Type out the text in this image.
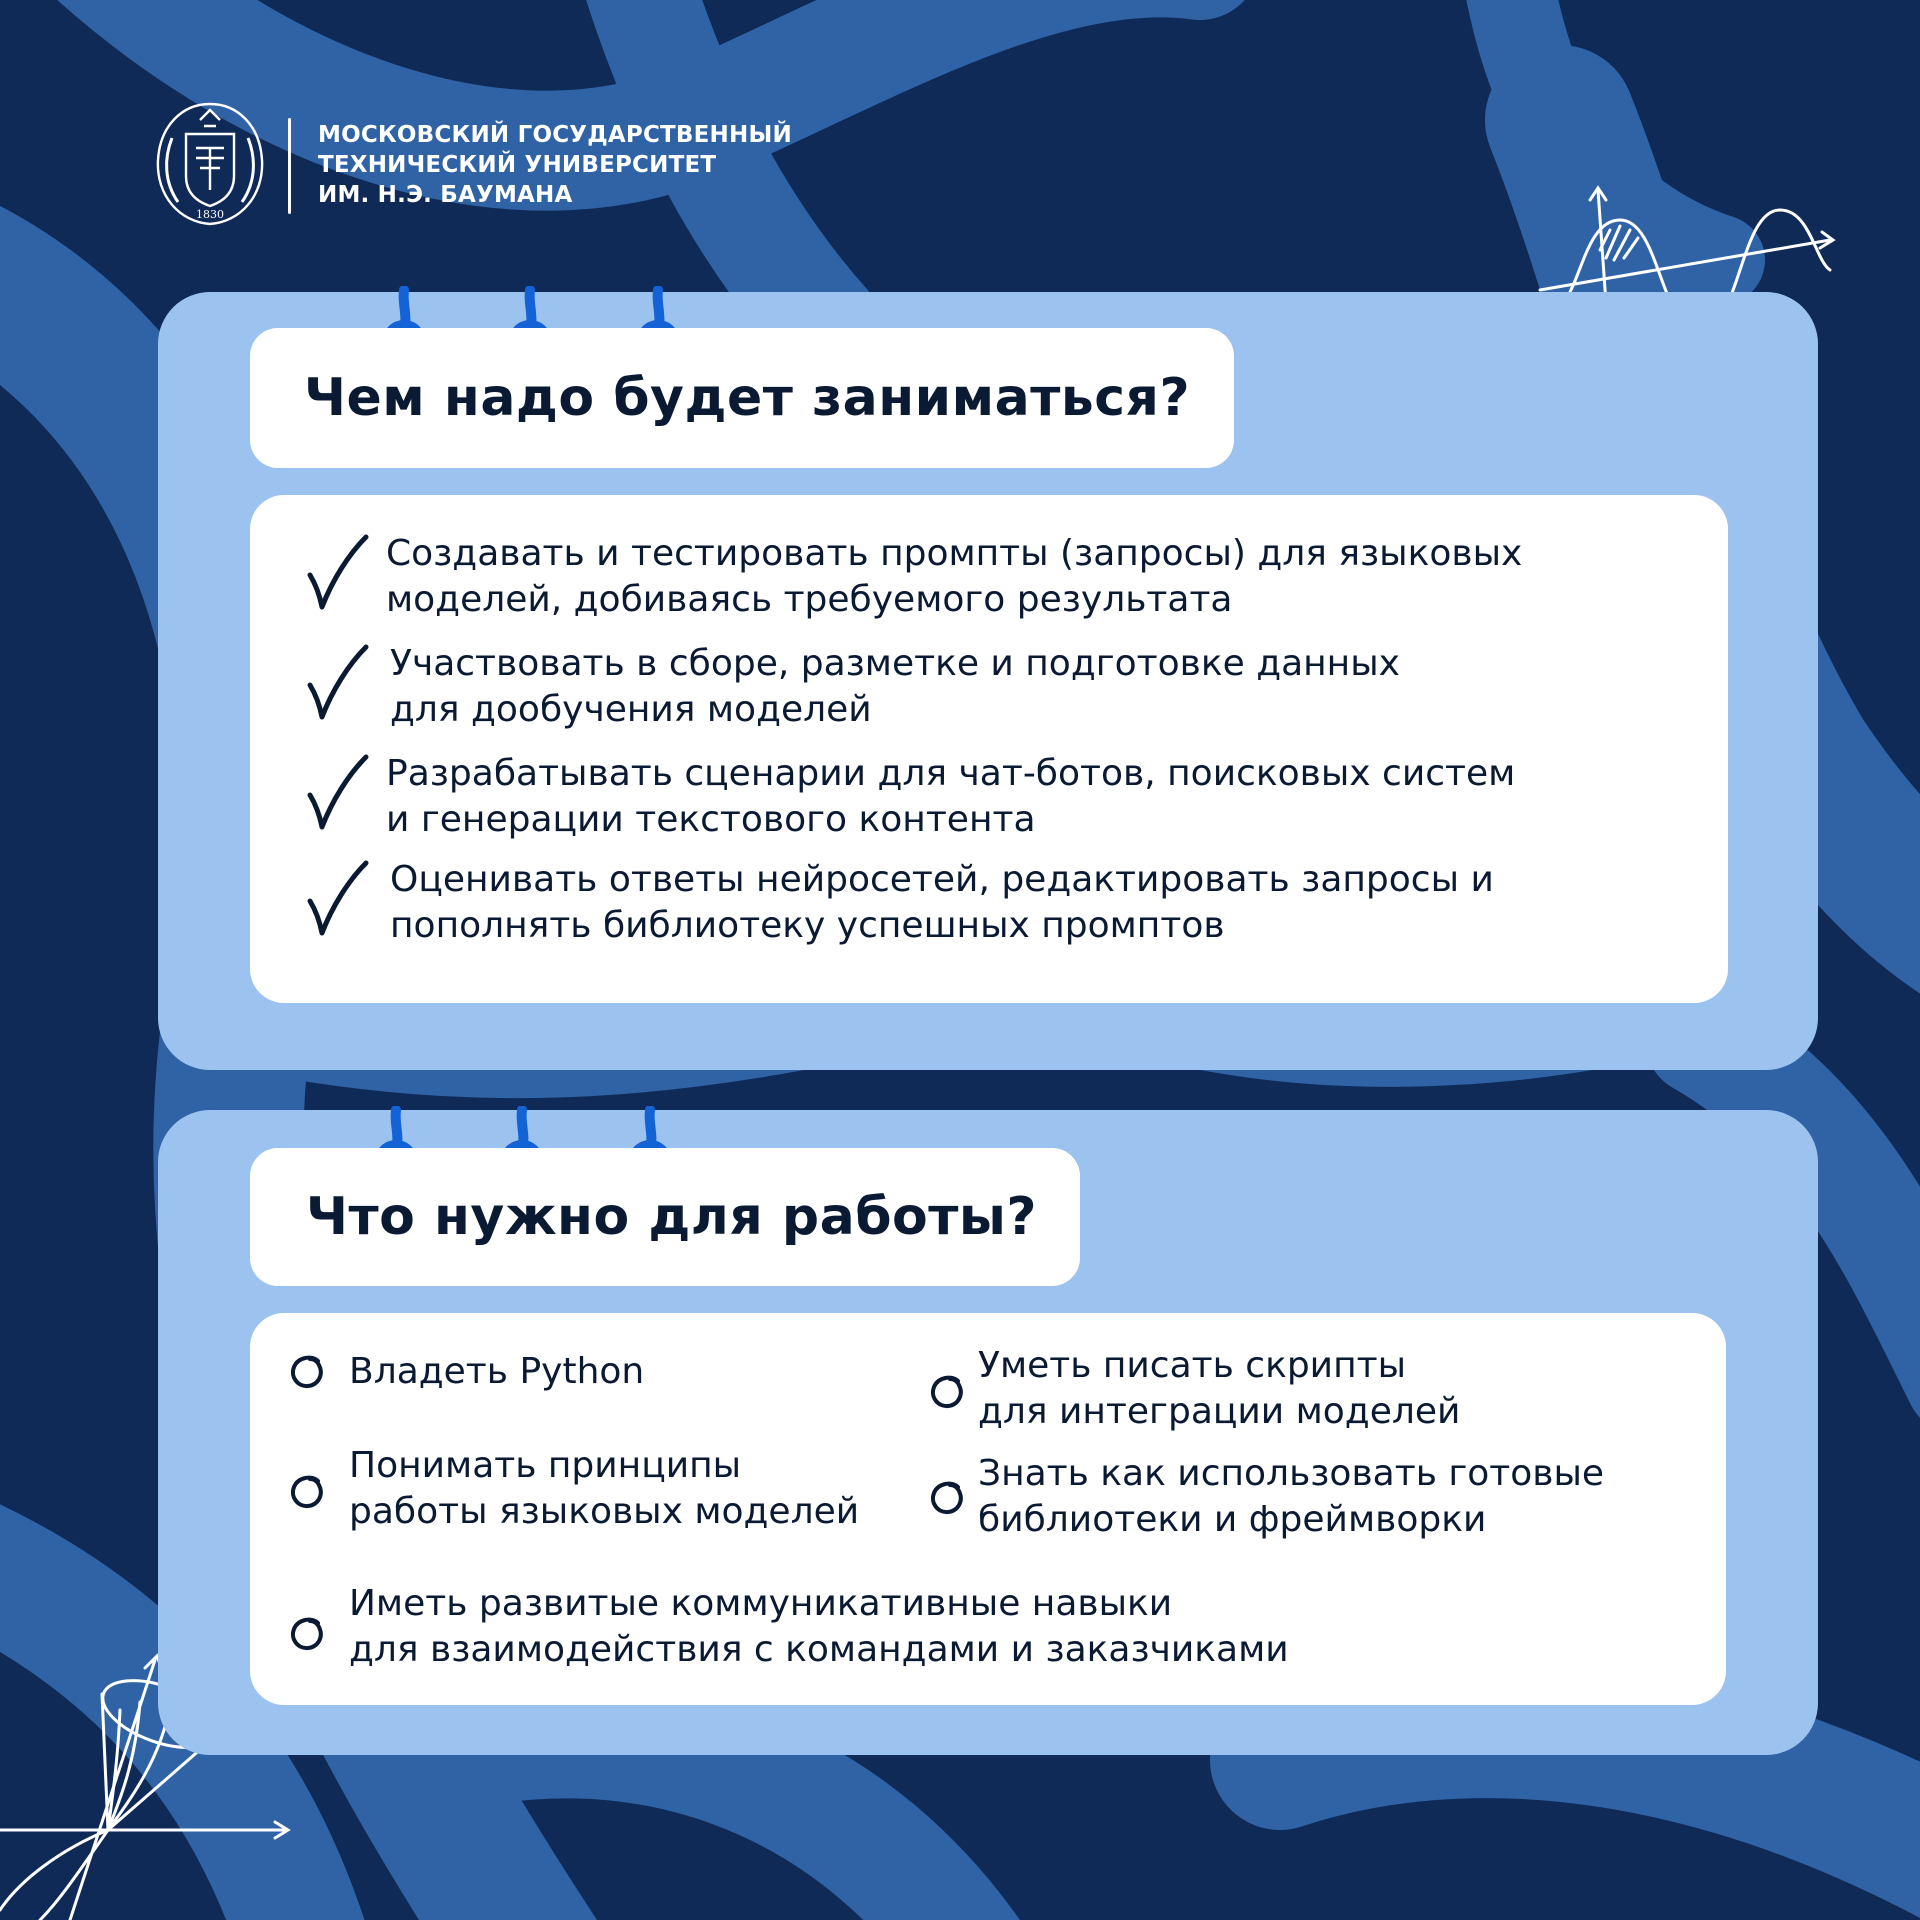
1830
МОСКОВСКИЙ ГОСУДАРСТВЕННЫЙ
ТЕХНИЧЕСКИЙ УНИВЕРСИТЕТ
ИМ. Н.Э. БАУМАНА
Чем надо будет заниматься?
Создавать и тестировать промпты (запросы) для языковых
моделей, добиваясь требуемого результата
Участвовать в сборе, разметке и подготовке данных
для дообучения моделей
Разрабатывать сценарии для чат-ботов, поисковых систем
и генерации текстового контента
Оценивать ответы нейросетей, редактировать запросы и
пополнять библиотеку успешных промптов
Что нужно для работы?
Владеть Python	Уметь писать скрипты
для интеграции моделей
Понимать принципы
работы языковых моделей
Знать как использовать готовые
библиотеки и фреймворки
Иметь развитые коммуникативные навыки
для взаимодействия с командами и заказчиками
